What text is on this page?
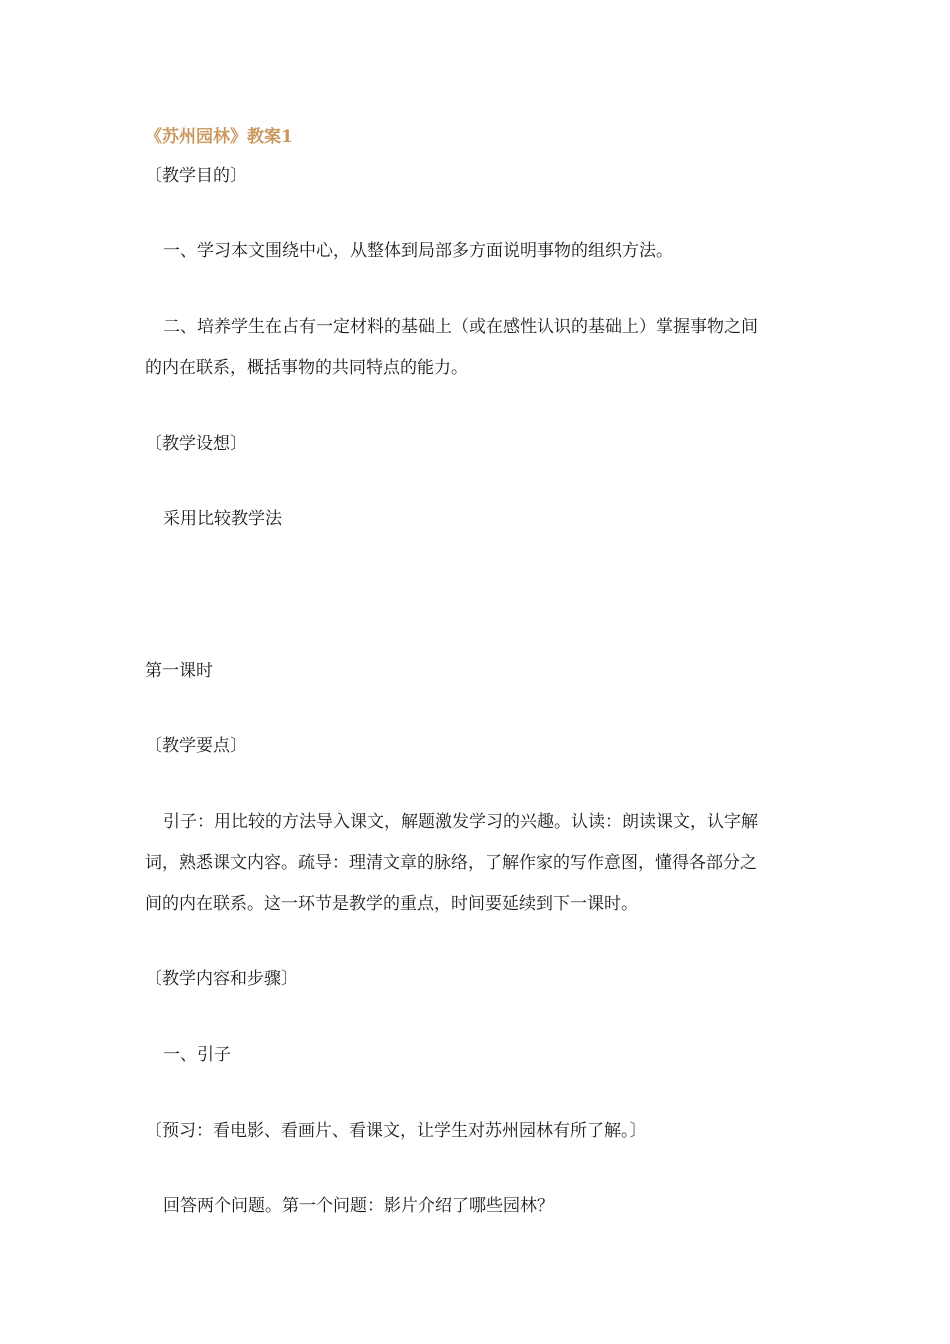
《苏州园林》教案1
〔教学目的〕
一、学习本文围绕中心，从整体到局部多方面说明事物的组织方法。
二、培养学生在占有一定材料的基础上（或在感性认识的基础上）掌握事物之间
的内在联系，概括事物的共同特点的能力。
〔教学设想〕
采用比较教学法
第一课时
〔教学要点〕
引子：用比较的方法导入课文，解题激发学习的兴趣。认读：朗读课文，认字解
词，熟悉课文内容。疏导：理清文章的脉络，了解作家的写作意图，懂得各部分之
间的内在联系。这一环节是教学的重点，时间要延续到下一课时。
〔教学内容和步骤〕
一、引子
〔预习：看电影、看画片、看课文，让学生对苏州园林有所了解。〕
回答两个问题。第一个问题：影片介绍了哪些园林？
